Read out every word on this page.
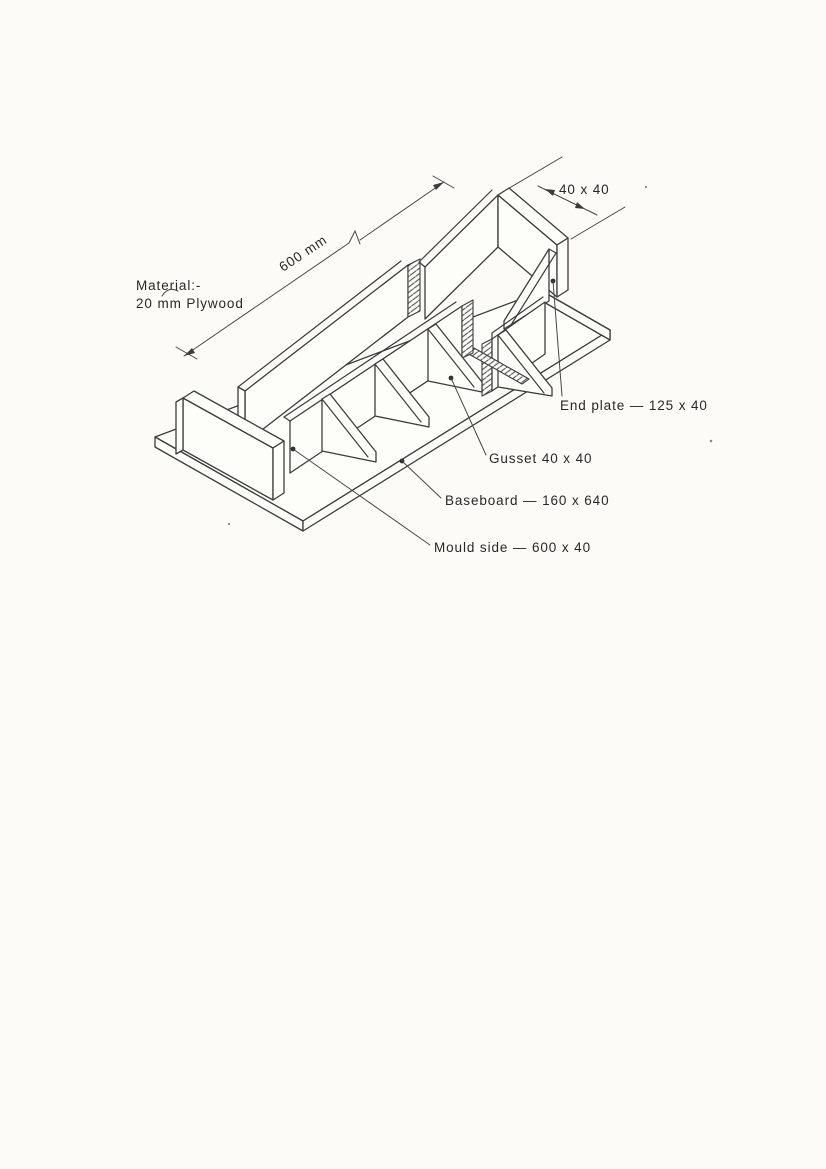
600 mm
40 x 40
Material:-
20 mm Plywood
End plate — 125 x 40
Gusset 40 x 40
Baseboard — 160 x 640
Mould side — 600 x 40
